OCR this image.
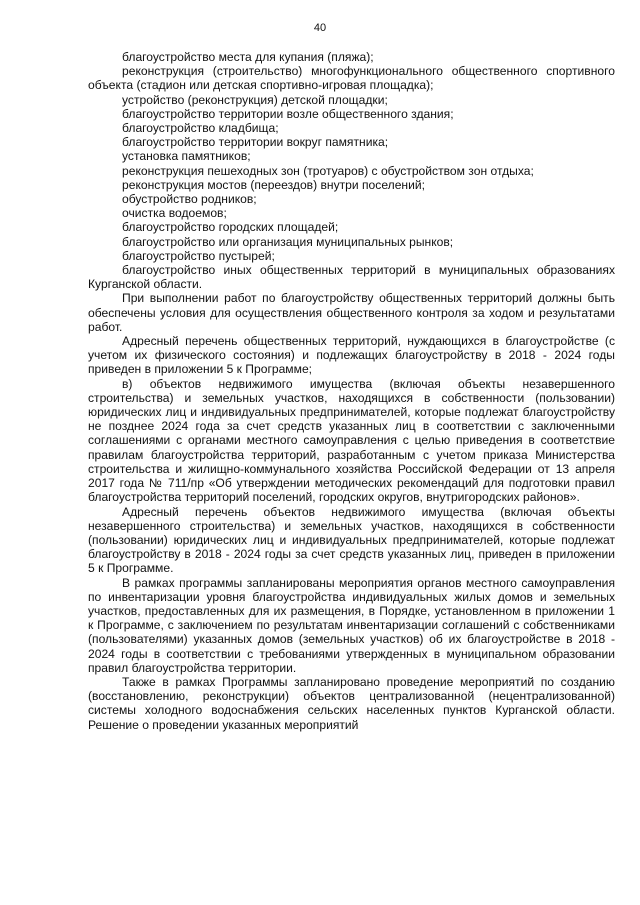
40
благоустройство места для купания (пляжа);
реконструкция (строительство) многофункционального общественного спортивного объекта (стадион или детская спортивно-игровая площадка);
устройство (реконструкция) детской площадки;
благоустройство территории возле общественного здания;
благоустройство кладбища;
благоустройство территории вокруг памятника;
установка памятников;
реконструкция пешеходных зон (тротуаров) с обустройством зон отдыха;
реконструкция мостов (переездов) внутри поселений;
обустройство родников;
очистка водоемов;
благоустройство городских площадей;
благоустройство или организация муниципальных рынков;
благоустройство пустырей;
благоустройство иных общественных территорий в муниципальных образованиях Курганской области.

При выполнении работ по благоустройству общественных территорий должны быть обеспечены условия для осуществления общественного контроля за ходом и результатами работ.

Адресный перечень общественных территорий, нуждающихся в благоустройстве (с учетом их физического состояния) и подлежащих благоустройству в 2018 - 2024 годы приведен в приложении 5 к Программе;

в) объектов недвижимого имущества (включая объекты незавершенного строительства) и земельных участков, находящихся в собственности (пользовании) юридических лиц и индивидуальных предпринимателей, которые подлежат благоустройству не позднее 2024 года за счет средств указанных лиц в соответствии с заключенными соглашениями с органами местного самоуправления с целью приведения в соответствие правилам благоустройства территорий, разработанным с учетом приказа Министерства строительства и жилищно-коммунального хозяйства Российской Федерации от 13 апреля 2017 года № 711/пр «Об утверждении методических рекомендаций для подготовки правил благоустройства территорий поселений, городских округов, внутригородских районов».

Адресный перечень объектов недвижимого имущества (включая объекты незавершенного строительства) и земельных участков, находящихся в собственности (пользовании) юридических лиц и индивидуальных предпринимателей, которые подлежат благоустройству в 2018 - 2024 годы за счет средств указанных лиц, приведен в приложении 5 к Программе.

В рамках программы запланированы мероприятия органов местного самоуправления по инвентаризации уровня благоустройства индивидуальных жилых домов и земельных участков, предоставленных для их размещения, в Порядке, установленном в приложении 1 к Программе, с заключением по результатам инвентаризации соглашений с собственниками (пользователями) указанных домов (земельных участков) об их благоустройстве в 2018 - 2024 годы в соответствии с требованиями утвержденных в муниципальном образовании правил благоустройства территории.

Также в рамках Программы запланировано проведение мероприятий по созданию (восстановлению, реконструкции) объектов централизованной (нецентрализованной) системы холодного водоснабжения сельских населенных пунктов Курганской области. Решение о проведении указанных мероприятий
